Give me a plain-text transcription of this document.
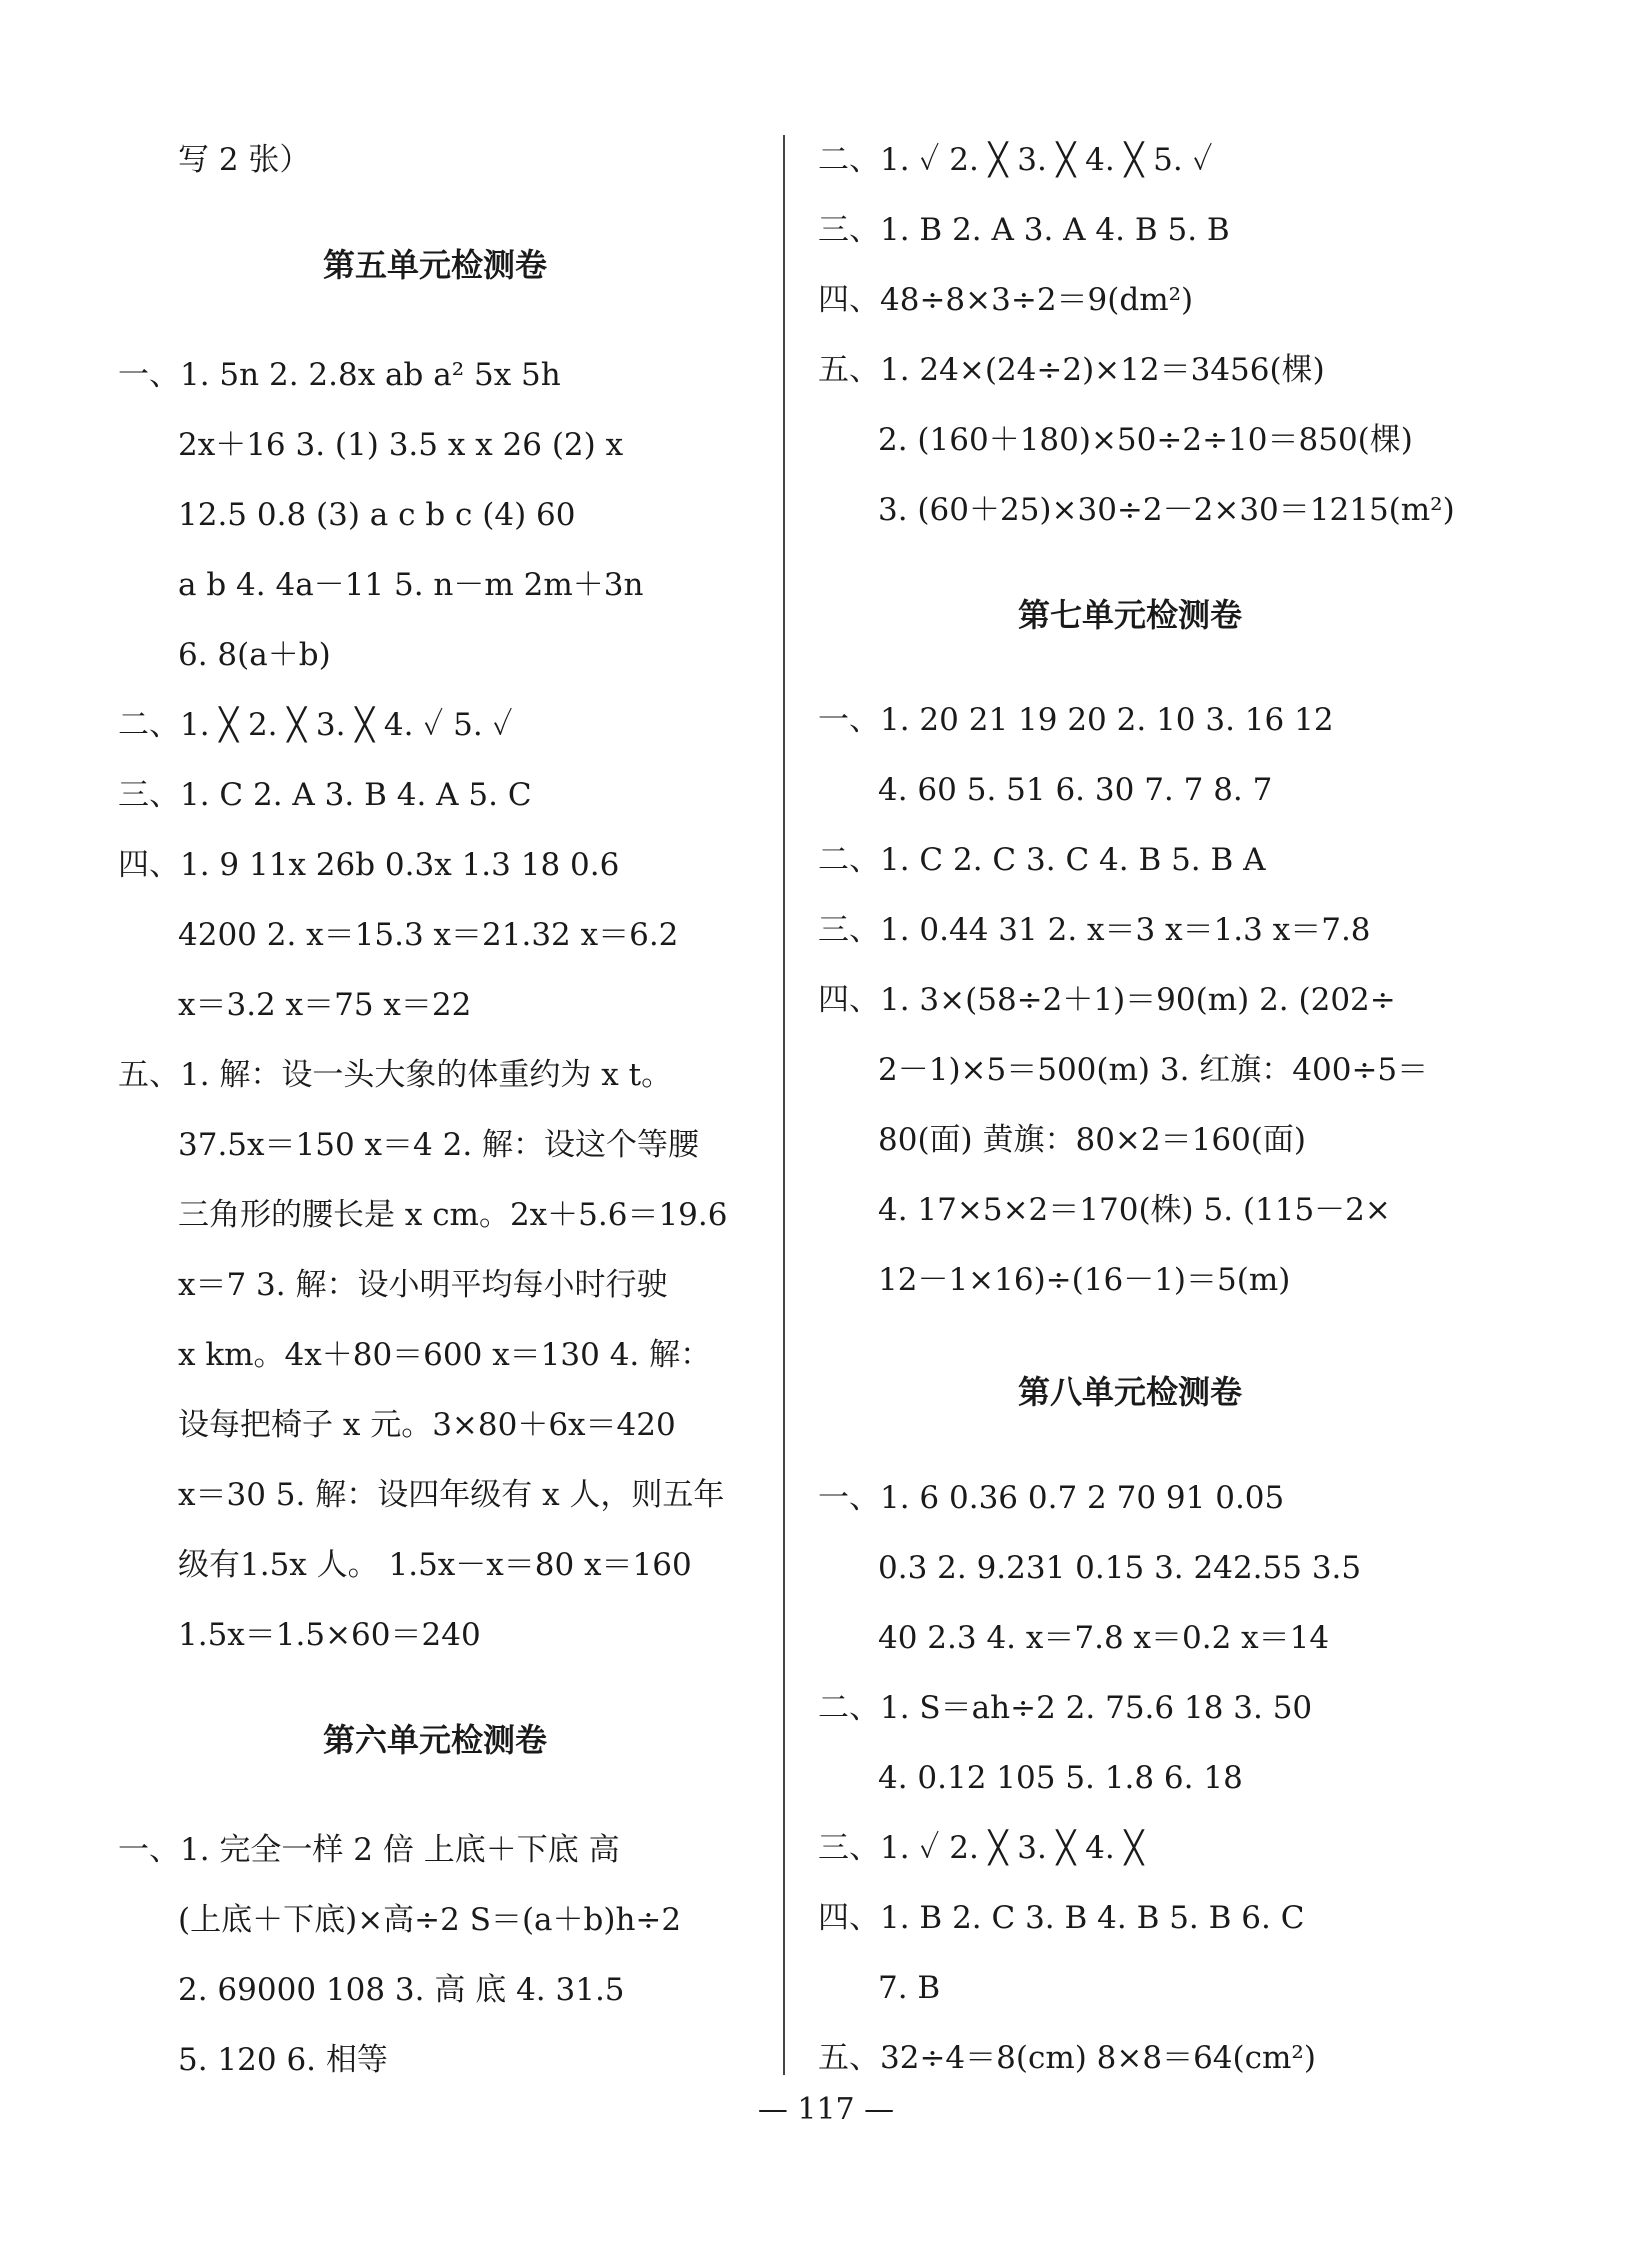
写 2 张）
第五单元检测卷
一、1. 5n 2. 2.8x ab a² 5x 5h
2x＋16 3. (1) 3.5 x x 26 (2) x
12.5 0.8 (3) a c b c (4) 60
a b 4. 4a－11 5. n－m 2m＋3n
6. 8(a＋b)
二、1. ╳ 2. ╳ 3. ╳ 4. ✓ 5. ✓
三、1. C 2. A 3. B 4. A 5. C
四、1. 9 11x 26b 0.3x 1.3 18 0.6
4200 2. x＝15.3 x＝21.32 x＝6.2
x＝3.2 x＝75 x＝22
五、1. 解：设一头大象的体重约为 x t。
37.5x＝150 x＝4 2. 解：设这个等腰
三角形的腰长是 x cm。2x＋5.6＝19.6
x＝7 3. 解：设小明平均每小时行驶
x km。4x＋80＝600 x＝130 4. 解：
设每把椅子 x 元。3×80＋6x＝420
x＝30 5. 解：设四年级有 x 人，则五年
级有1.5x 人。 1.5x－x＝80 x＝160
1.5x＝1.5×60＝240
第六单元检测卷
一、1. 完全一样 2 倍 上底＋下底 高
(上底＋下底)×高÷2 S＝(a＋b)h÷2
2. 69000 108 3. 高 底 4. 31.5
5. 120 6. 相等
二、1. ✓ 2. ╳ 3. ╳ 4. ╳ 5. ✓
三、1. B 2. A 3. A 4. B 5. B
四、48÷8×3÷2＝9(dm²)
五、1. 24×(24÷2)×12＝3456(棵)
2. (160＋180)×50÷2÷10＝850(棵)
3. (60＋25)×30÷2－2×30＝1215(m²)
第七单元检测卷
一、1. 20 21 19 20 2. 10 3. 16 12
4. 60 5. 51 6. 30 7. 7 8. 7
二、1. C 2. C 3. C 4. B 5. B A
三、1. 0.44 31 2. x＝3 x＝1.3 x＝7.8
四、1. 3×(58÷2＋1)＝90(m) 2. (202÷
2－1)×5＝500(m) 3. 红旗：400÷5＝
80(面) 黄旗：80×2＝160(面)
4. 17×5×2＝170(株) 5. (115－2×
12－1×16)÷(16－1)＝5(m)
第八单元检测卷
一、1. 6 0.36 0.7 2 70 91 0.05
0.3 2. 9.231 0.15 3. 242.55 3.5
40 2.3 4. x＝7.8 x＝0.2 x＝14
二、1. S＝ah÷2 2. 75.6 18 3. 50
4. 0.12 105 5. 1.8 6. 18
三、1. ✓ 2. ╳ 3. ╳ 4. ╳
四、1. B 2. C 3. B 4. B 5. B 6. C
7. B
五、32÷4＝8(cm) 8×8＝64(cm²)
— 117 —
